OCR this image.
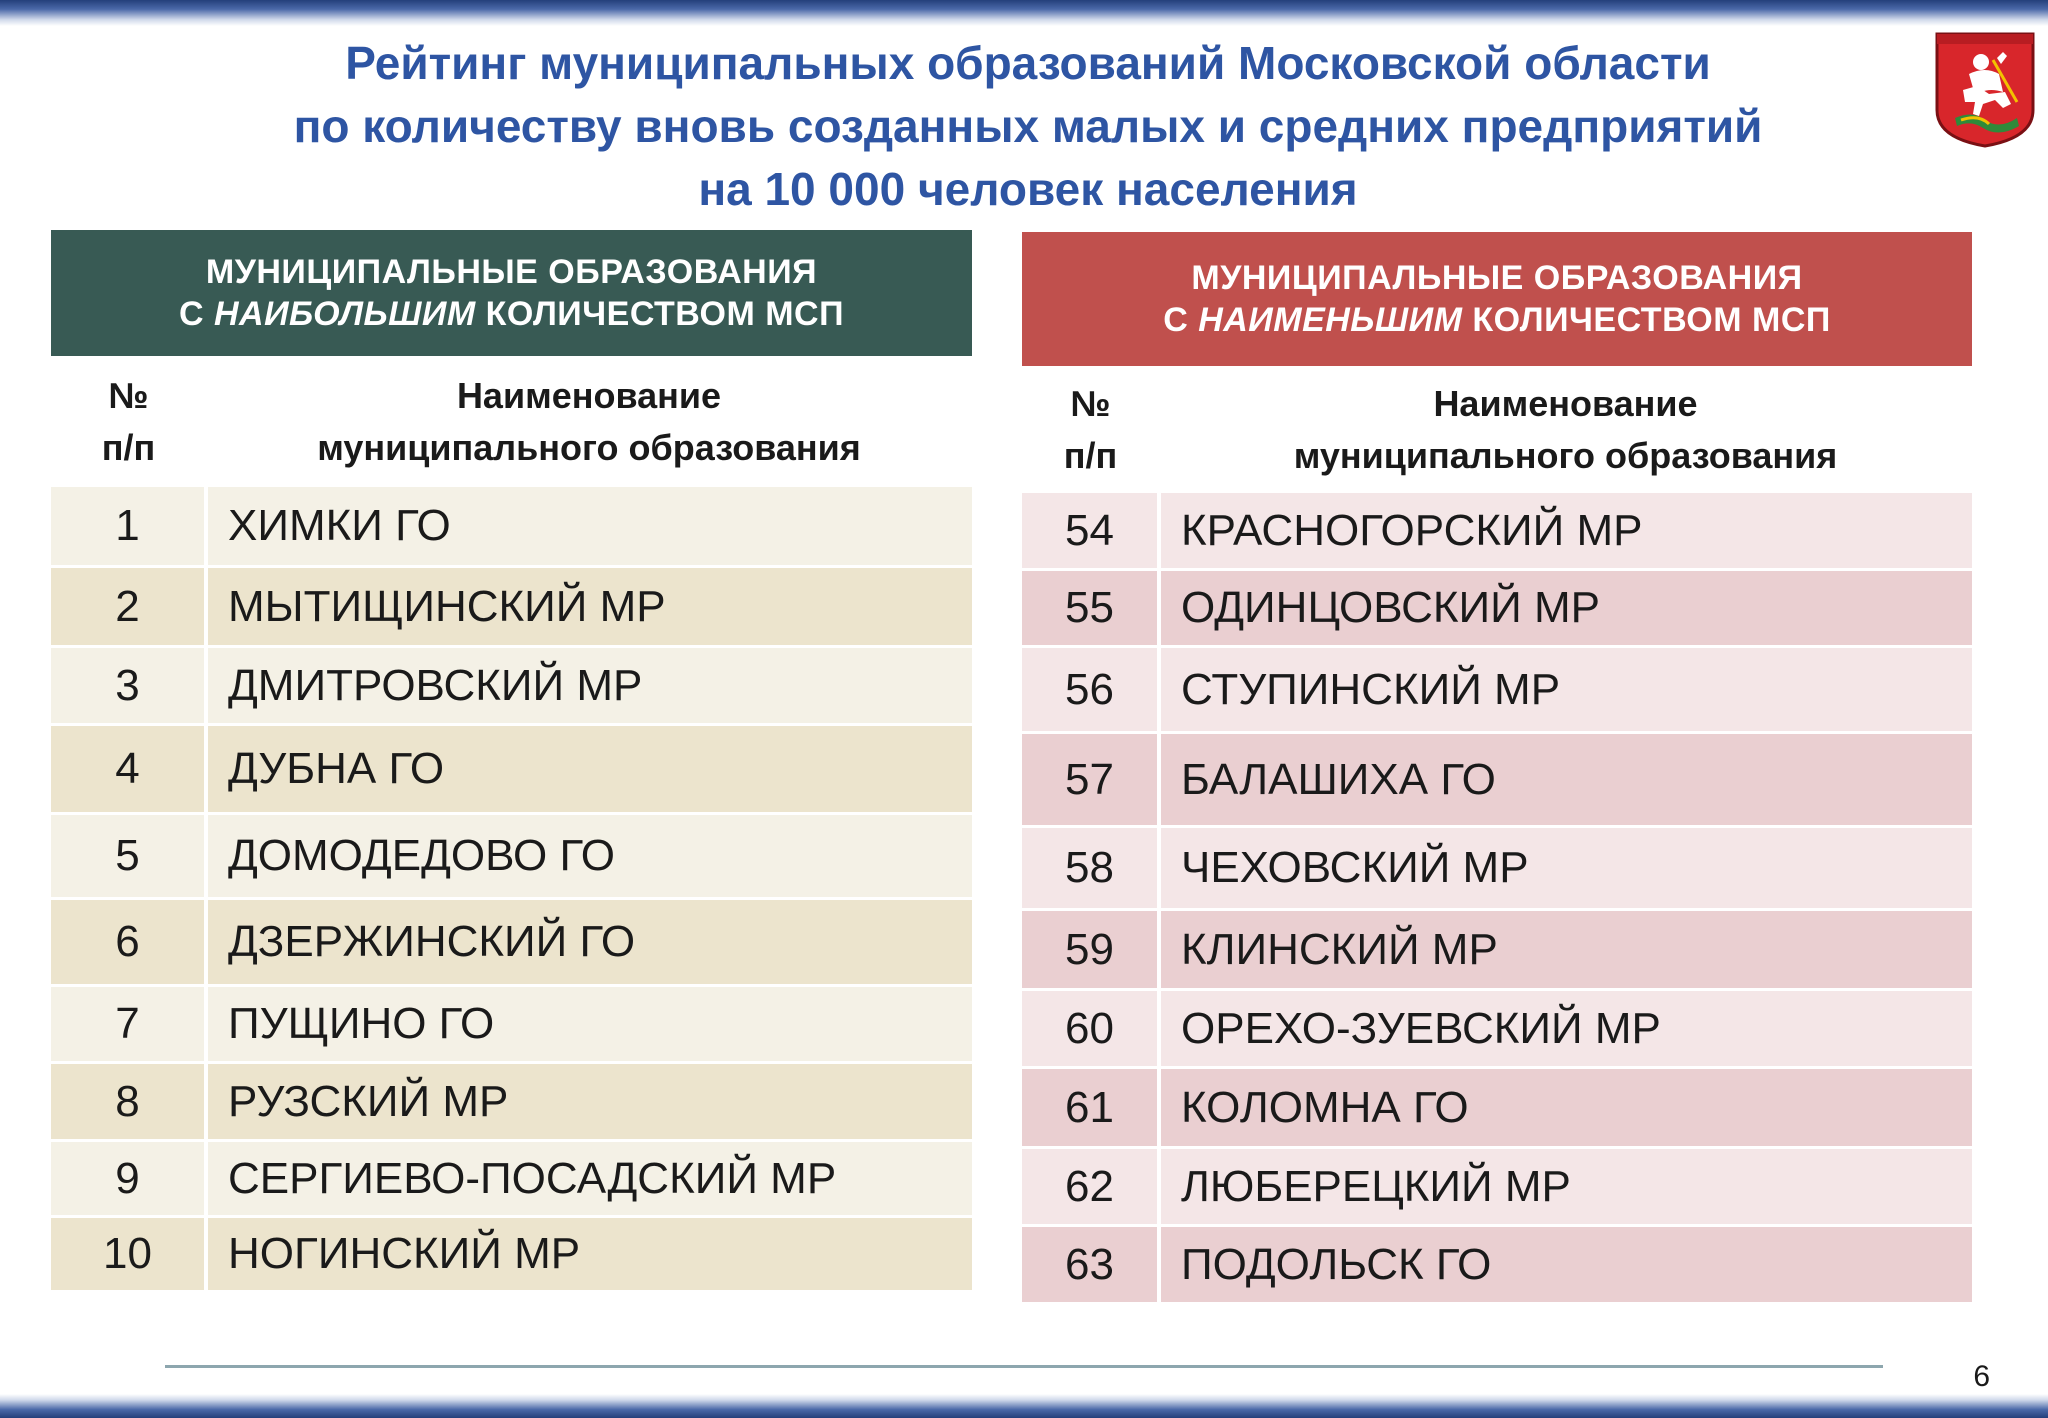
Рейтинг муниципальных образований Московской области
по количеству вновь созданных малых и средних предприятий
на 10 000 человек населения
МУНИЦИПАЛЬНЫЕ ОБРАЗОВАНИЯ
С НАИБОЛЬШИМ КОЛИЧЕСТВОМ МСП
№
п/п
Наименование
муниципального образования
1	ХИМКИ ГО
2	МЫТИЩИНСКИЙ МР
3	ДМИТРОВСКИЙ МР
4	ДУБНА ГО
5	ДОМОДЕДОВО ГО
6	ДЗЕРЖИНСКИЙ ГО
7	ПУЩИНО ГО
8	РУЗСКИЙ МР
9	СЕРГИЕВО-ПОСАДСКИЙ МР
10	НОГИНСКИЙ МР
МУНИЦИПАЛЬНЫЕ ОБРАЗОВАНИЯ
С НАИМЕНЬШИМ КОЛИЧЕСТВОМ МСП
№
п/п
Наименование
муниципального образования
54	КРАСНОГОРСКИЙ МР
55	ОДИНЦОВСКИЙ МР
56	СТУПИНСКИЙ МР
57	БАЛАШИХА ГО
58	ЧЕХОВСКИЙ МР
59	КЛИНСКИЙ МР
60	ОРЕХО-ЗУЕВСКИЙ МР
61	КОЛОМНА ГО
62	ЛЮБЕРЕЦКИЙ МР
63	ПОДОЛЬСК ГО
6
